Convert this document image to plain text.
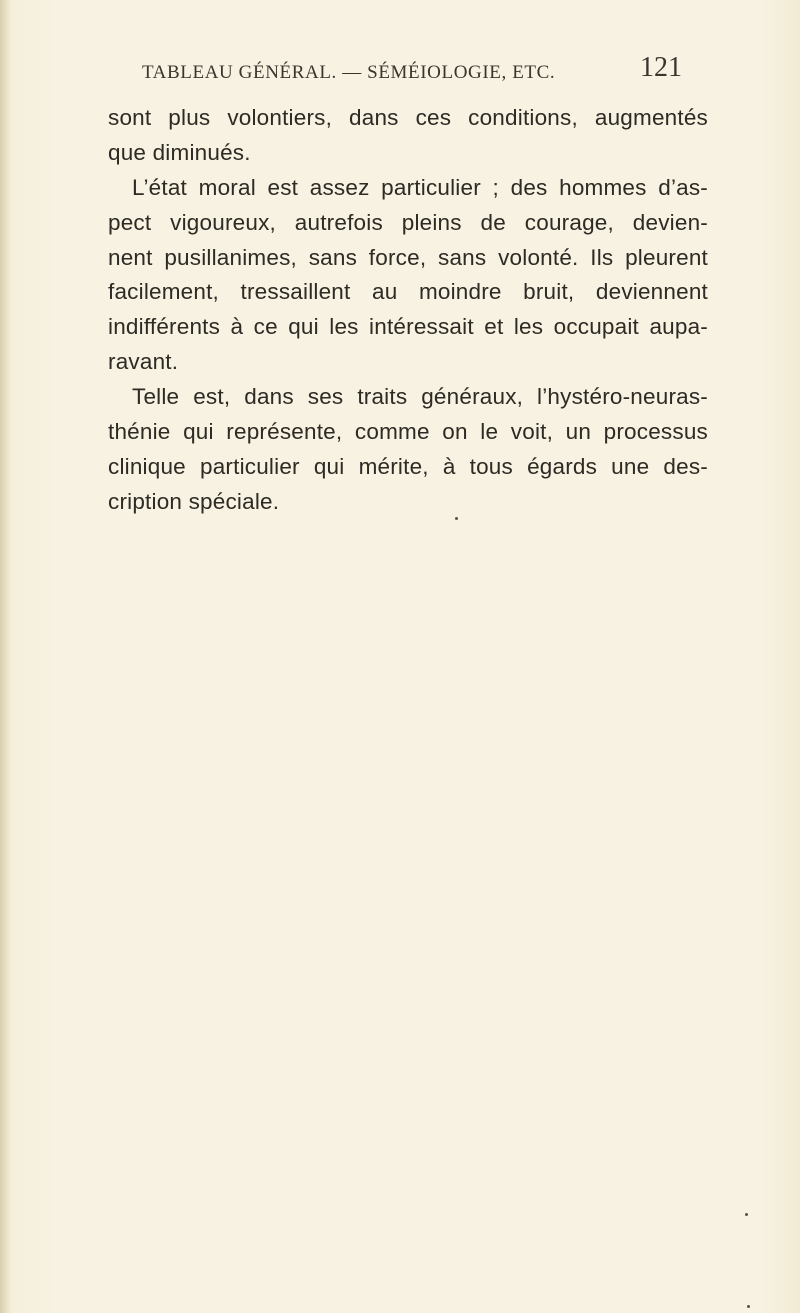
TABLEAU GÉNÉRAL. — SÉMÉIOLOGIE, ETC.	121
sont plus volontiers, dans ces conditions, augmentés
que diminués.
L’état moral est assez particulier ; des hommes d’as-
pect vigoureux, autrefois pleins de courage, devien-
nent pusillanimes, sans force, sans volonté. Ils pleurent
facilement, tressaillent au moindre bruit, deviennent
indifférents à ce qui les intéressait et les occupait aupa-
ravant.
Telle est, dans ses traits généraux, l’hystéro-neuras-
thénie qui représente, comme on le voit, un processus
clinique particulier qui mérite, à tous égards une des-
cription spéciale.
